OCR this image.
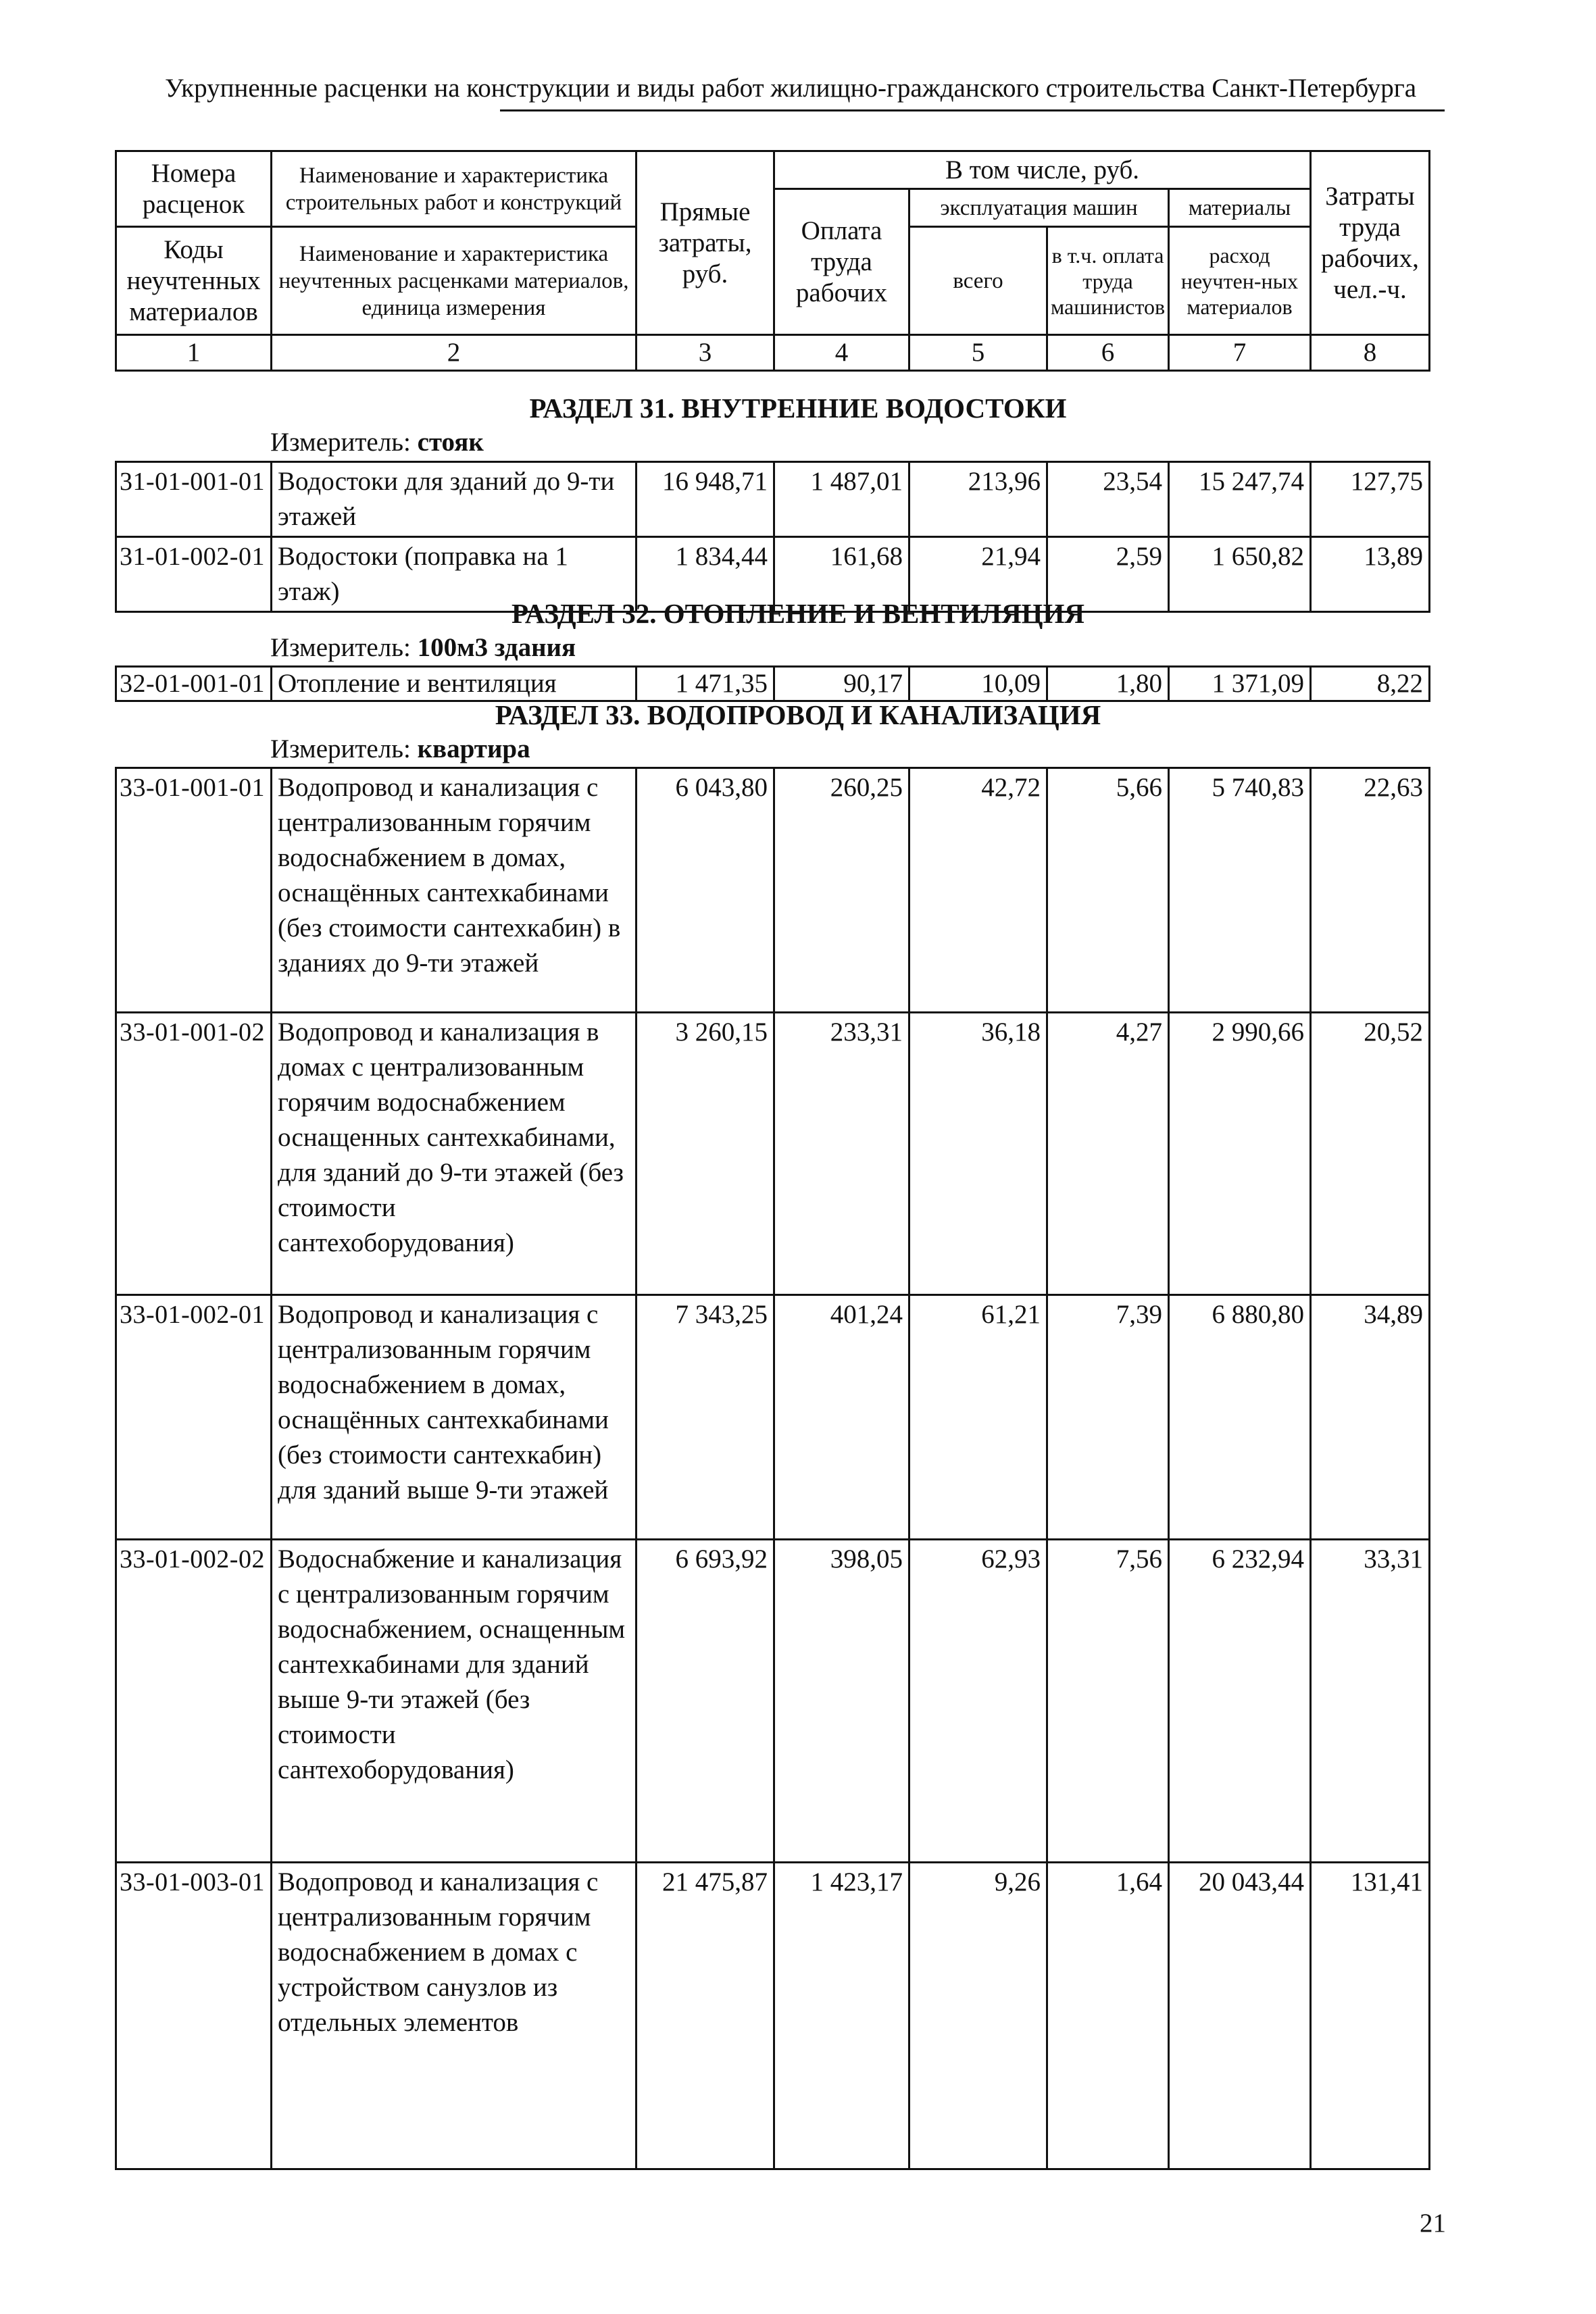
Укрупненные расценки на конструкции и виды работ жилищно-гражданского строительства Санкт-Петербурга
Номера расценок	Наименование и характеристика строительных работ и конструкций	Прямые затраты, руб.	В том числе, руб.				Затраты труда рабочих, чел.-ч.
			Оплата труда рабочих	эксплуатация машин		материалы	
Коды неучтенных материалов	Наименование и характеристика неучтенных расценками материалов, единица измерения			всего	в т.ч. оплата труда машинистов	расход неучтен-ных материалов	

1	2	3	4	5	6	7	8
РАЗДЕЛ 31. ВНУТРЕННИЕ ВОДОСТОКИ
Измеритель: стояк
31-01-001-01	Водостоки для зданий до 9-ти этажей	16 948,71	1 487,01	213,96	23,54	15 247,74	127,75
31-01-002-01	Водостоки (поправка на 1 этаж)	1 834,44	161,68	21,94	2,59	1 650,82	13,89
РАЗДЕЛ 32. ОТОПЛЕНИЕ И ВЕНТИЛЯЦИЯ
Измеритель: 100м3 здания
32-01-001-01	Отопление и вентиляция	1 471,35	90,17	10,09	1,80	1 371,09	8,22
РАЗДЕЛ 33. ВОДОПРОВОД И КАНАЛИЗАЦИЯ
Измеритель: квартира
33-01-001-01	Водопровод и канализация с централизованным горячим водоснабжением в домах, оснащённых сантехкабинами (без стоимости сантехкабин) в зданиях до 9-ти этажей	6 043,80	260,25	42,72	5,66	5 740,83	22,63
33-01-001-02	Водопровод и канализация в домах с централизованным горячим водоснабжением оснащенных сантехкабинами, для зданий до 9-ти этажей (без стоимости сантехоборудования)	3 260,15	233,31	36,18	4,27	2 990,66	20,52
33-01-002-01	Водопровод и канализация с централизованным горячим водоснабжением в домах, оснащённых сантехкабинами (без стоимости сантехкабин) для зданий выше 9-ти этажей	7 343,25	401,24	61,21	7,39	6 880,80	34,89
33-01-002-02	Водоснабжение и канализация с централизованным горячим водоснабжением, оснащенным сантехкабинами для зданий выше 9-ти этажей (без стоимости сантехоборудования)	6 693,92	398,05	62,93	7,56	6 232,94	33,31
33-01-003-01	Водопровод и канализация с централизованным горячим водоснабжением в домах с устройством санузлов из отдельных элементов	21 475,87	1 423,17	9,26	1,64	20 043,44	131,41
21
